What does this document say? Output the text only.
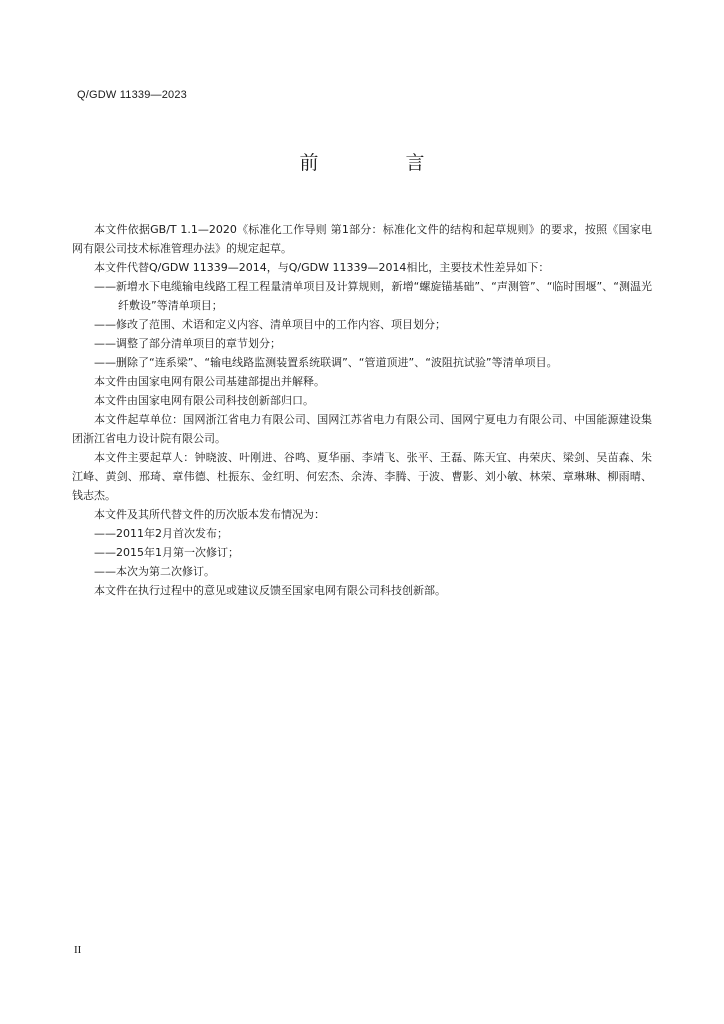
Q/GDW 11339—2023
前　言

本文件依据GB/T 1.1—2020《标准化工作导则 第1部分：标准化文件的结构和起草规则》的要求，按照《国家电网有限公司技术标准管理办法》的规定起草。

本文件代替Q/GDW 11339—2014，与Q/GDW 11339—2014相比，主要技术性差异如下：

——新增水下电缆输电线路工程工程量清单项目及计算规则，新增“螺旋锚基础”、“声测管”、“临时围堰”、“测温光纤敷设”等清单项目；

——修改了范围、术语和定义内容、清单项目中的工作内容、项目划分；

——调整了部分清单项目的章节划分；

——删除了“连系梁”、“输电线路监测装置系统联调”、“管道顶进”、“波阻抗试验”等清单项目。

本文件由国家电网有限公司基建部提出并解释。

本文件由国家电网有限公司科技创新部归口。

本文件起草单位：国网浙江省电力有限公司、国网江苏省电力有限公司、国网宁夏电力有限公司、中国能源建设集团浙江省电力设计院有限公司。

本文件主要起草人：钟晓波、叶刚进、谷鸣、夏华丽、李靖飞、张平、王磊、陈天宜、冉荣庆、梁剑、吴苗森、朱江峰、黄剑、邢琦、章伟德、杜振东、金红明、何宏杰、余涛、李腾、于波、曹影、刘小敏、林荣、章琳琳、柳雨晴、钱志杰。

本文件及其所代替文件的历次版本发布情况为：

——2011年2月首次发布；

——2015年1月第一次修订；

——本次为第二次修订。

本文件在执行过程中的意见或建议反馈至国家电网有限公司科技创新部。

II
